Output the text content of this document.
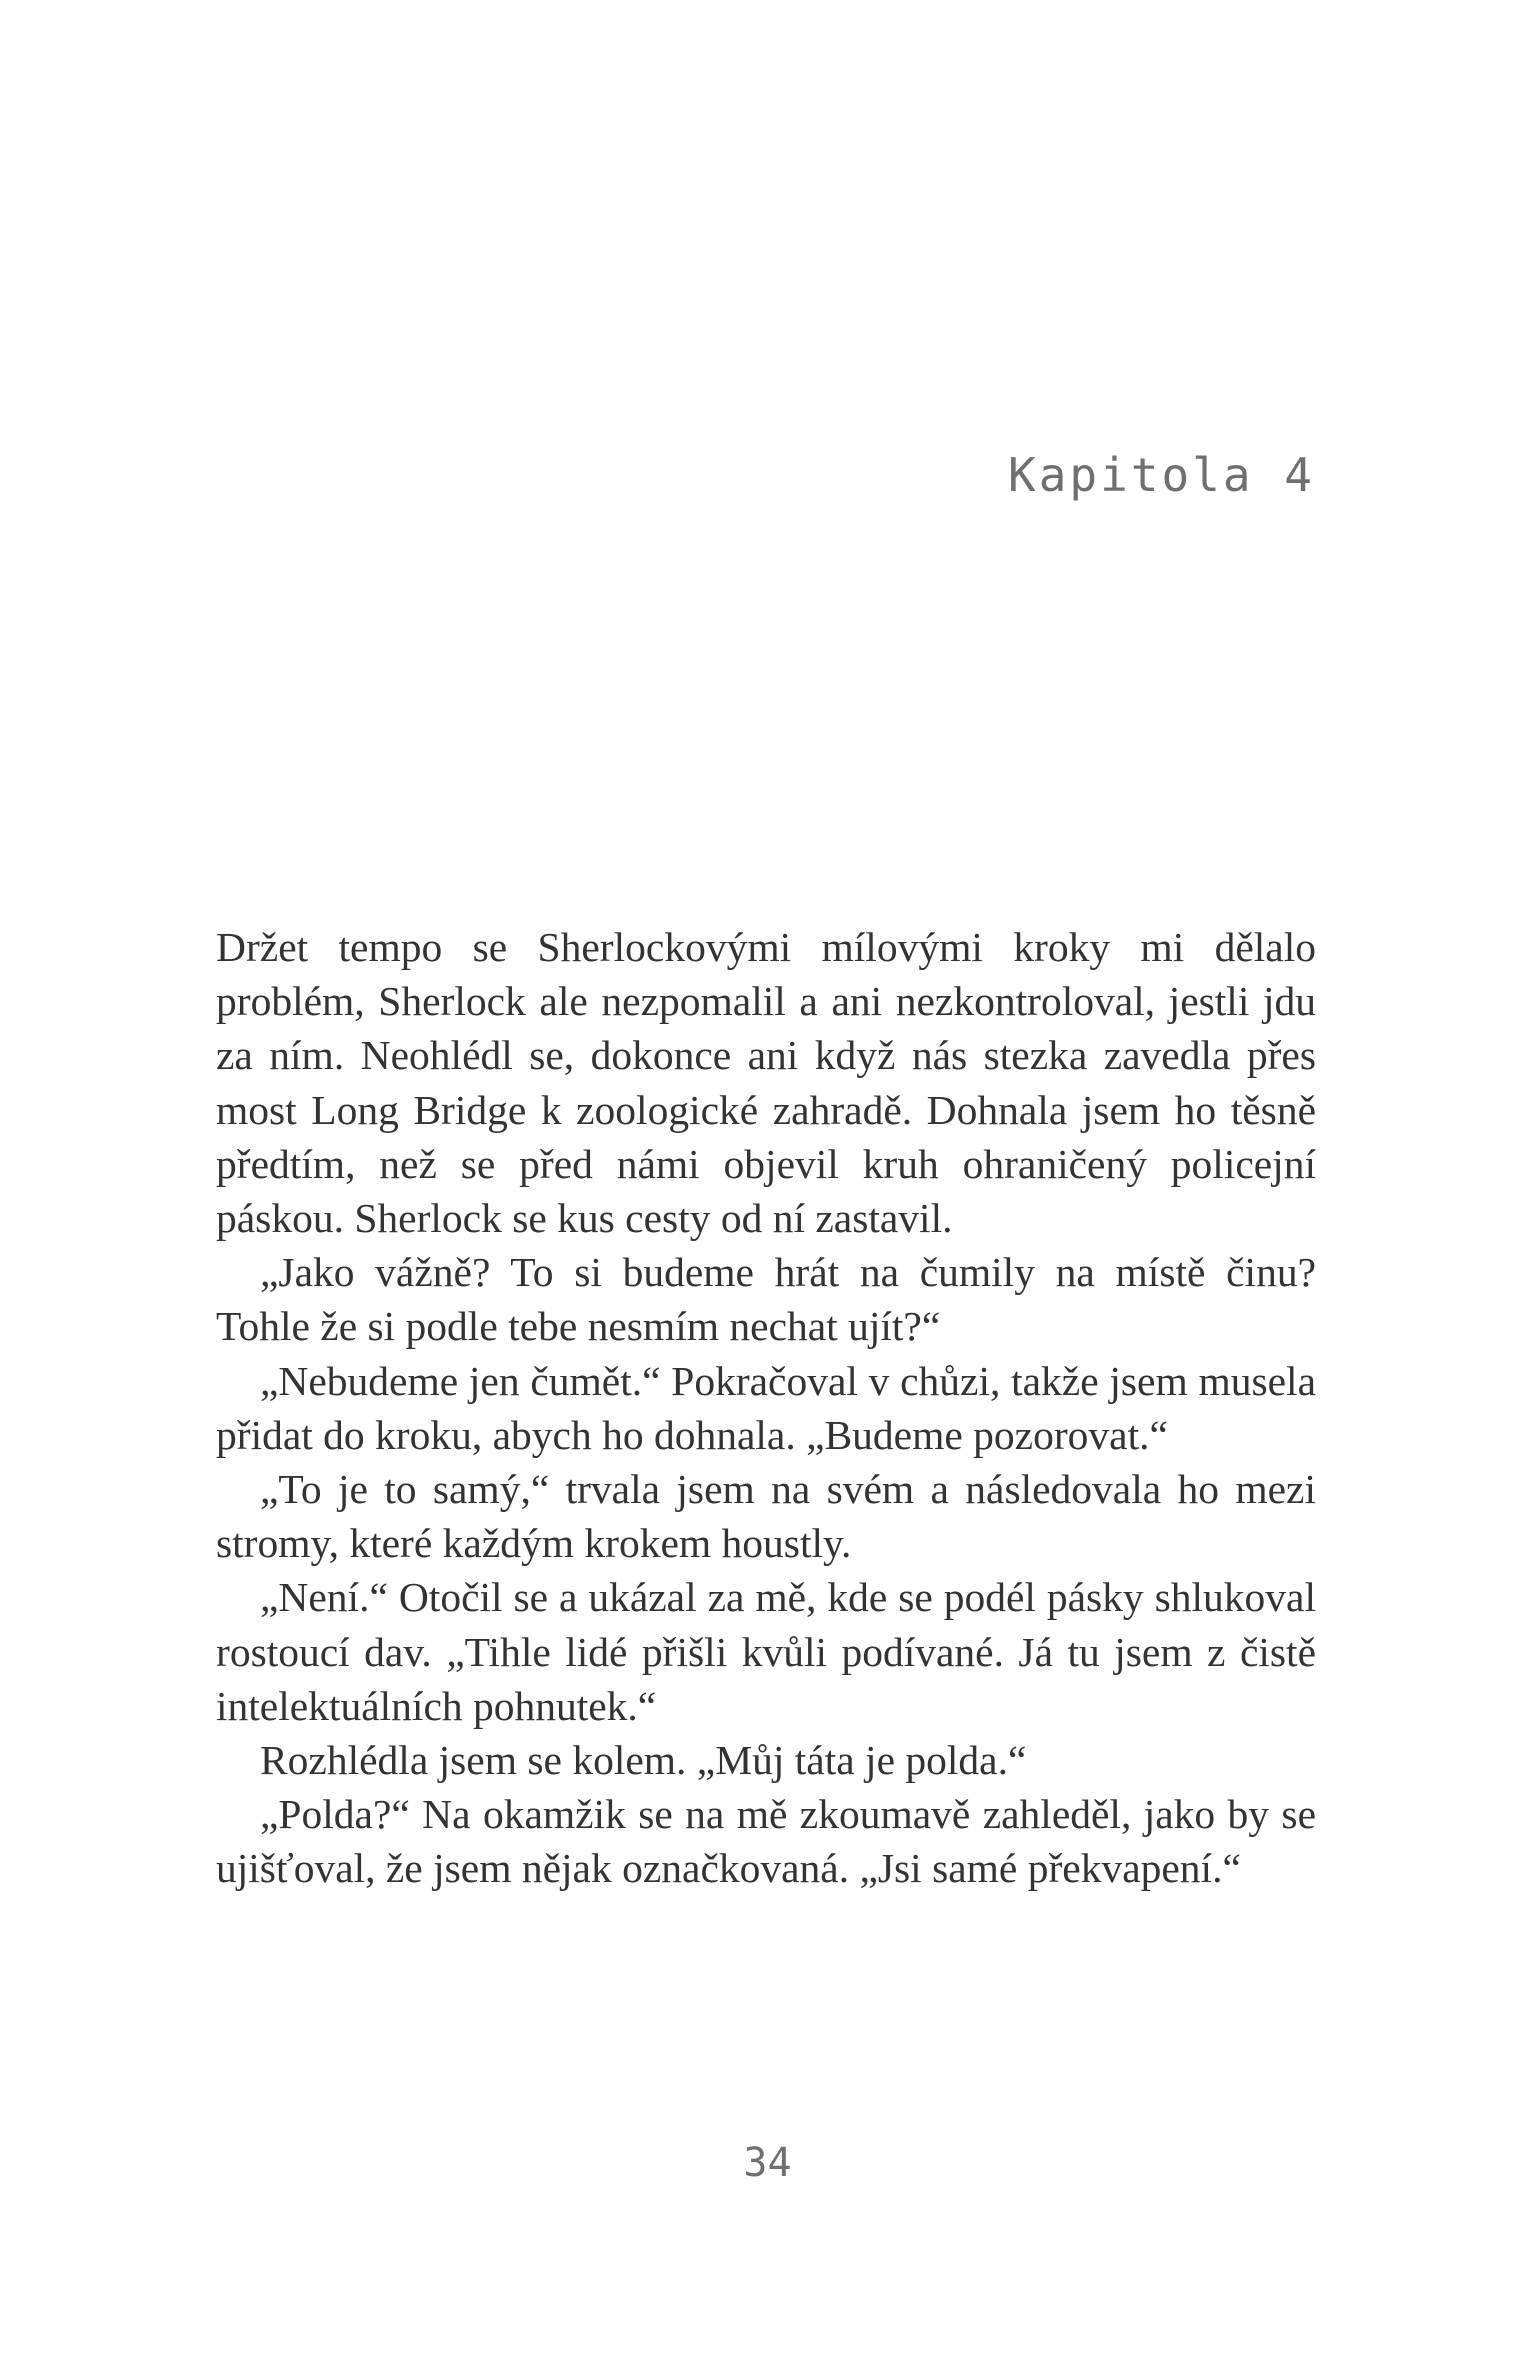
Kapitola 4

Držet tempo se Sherlockovými mílovými kroky mi dělalo problém, Sherlock ale nezpomalil a ani nezkontroloval, jestli jdu za ním. Neohlédl se, dokonce ani když nás stezka zavedla přes most Long Bridge k zoologické zahradě. Dohnala jsem ho těsně předtím, než se před námi objevil kruh ohraničený policejní páskou. Sherlock se kus cesty od ní zastavil.

„Jako vážně? To si budeme hrát na čumily na místě činu? Tohle že si podle tebe nesmím nechat ujít?“

„Nebudeme jen čumět.“ Pokračoval v chůzi, takže jsem musela přidat do kroku, abych ho dohnala. „Budeme pozorovat.“

„To je to samý,“ trvala jsem na svém a následovala ho mezi stromy, které každým krokem houstly.

„Není.“ Otočil se a ukázal za mě, kde se podél pásky shlukoval rostoucí dav. „Tihle lidé přišli kvůli podívané. Já tu jsem z čistě intelektuálních pohnutek.“

Rozhlédla jsem se kolem. „Můj táta je polda.“

„Polda?“ Na okamžik se na mě zkoumavě zahleděl, jako by se ujišťoval, že jsem nějak označkovaná. „Jsi samé překvapení.“

34
